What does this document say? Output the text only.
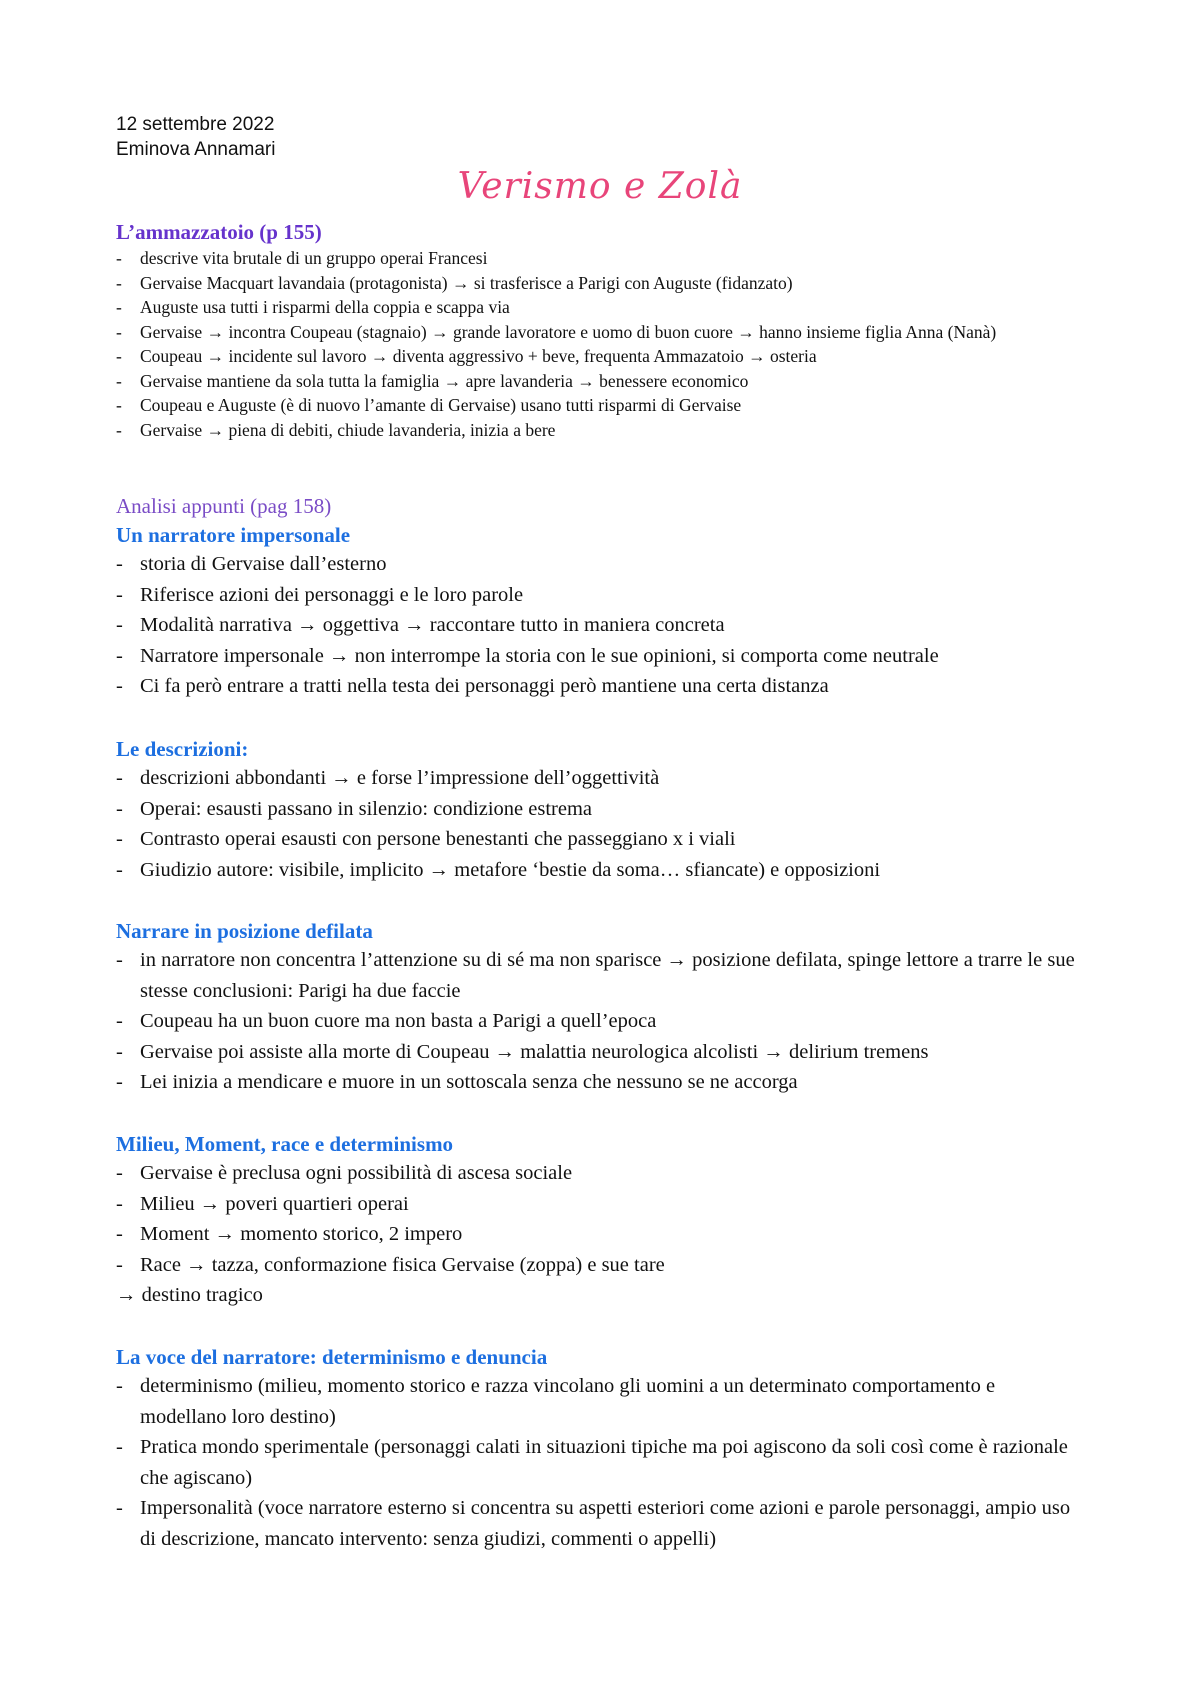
12 settembre 2022
Eminova Annamari
Verismo e Zolà
L’ammazzatoio (p 155)
- descrive vita brutale di un gruppo operai Francesi
- Gervaise Macquart lavandaia (protagonista) → si trasferisce a Parigi con Auguste (fidanzato)
- Auguste usa tutti i risparmi della coppia e scappa via
- Gervaise → incontra Coupeau (stagnaio) → grande lavoratore e uomo di buon cuore → hanno insieme figlia Anna (Nanà)
- Coupeau → incidente sul lavoro → diventa aggressivo + beve, frequenta Ammazatoio → osteria
- Gervaise mantiene da sola tutta la famiglia → apre lavanderia → benessere economico
- Coupeau e Auguste (è di nuovo l’amante di Gervaise) usano tutti risparmi di Gervaise
- Gervaise → piena di debiti, chiude lavanderia, inizia a bere
Analisi appunti (pag 158)
Un narratore impersonale
- storia di Gervaise dall’esterno
- Riferisce azioni dei personaggi e le loro parole
- Modalità narrativa → oggettiva → raccontare tutto in maniera concreta
- Narratore impersonale → non interrompe la storia con le sue opinioni, si comporta come neutrale
- Ci fa però entrare a tratti nella testa dei personaggi però mantiene una certa distanza
Le descrizioni:
- descrizioni abbondanti → e forse l’impressione dell’oggettività
- Operai: esausti passano in silenzio: condizione estrema
- Contrasto operai esausti con persone benestanti che passeggiano x i viali
- Giudizio autore: visibile, implicito → metafore ‘bestie da soma… sfiancate) e opposizioni
Narrare in posizione defilata
- in narratore non concentra l’attenzione su di sé ma non sparisce → posizione defilata, spinge lettore a trarre le sue stesse conclusioni: Parigi ha due faccie
- Coupeau ha un buon cuore ma non basta a Parigi a quell’epoca
- Gervaise poi assiste alla morte di Coupeau → malattia neurologica alcolisti → delirium tremens
- Lei inizia a mendicare e muore in un sottoscala senza che nessuno se ne accorga
Milieu, Moment, race e determinismo
- Gervaise è preclusa ogni possibilità di ascesa sociale
- Milieu → poveri quartieri operai
- Moment → momento storico, 2 impero
- Race → tazza, conformazione fisica Gervaise (zoppa) e sue tare
→ destino tragico
La voce del narratore: determinismo e denuncia
- determinismo (milieu, momento storico e razza vincolano gli uomini a un determinato comportamento e modellano loro destino)
- Pratica mondo sperimentale (personaggi calati in situazioni tipiche ma poi agiscono da soli così come è razionale che agiscano)
- Impersonalità (voce narratore esterno si concentra su aspetti esteriori come azioni e parole personaggi, ampio uso di descrizione, mancato intervento: senza giudizi, commenti o appelli)
